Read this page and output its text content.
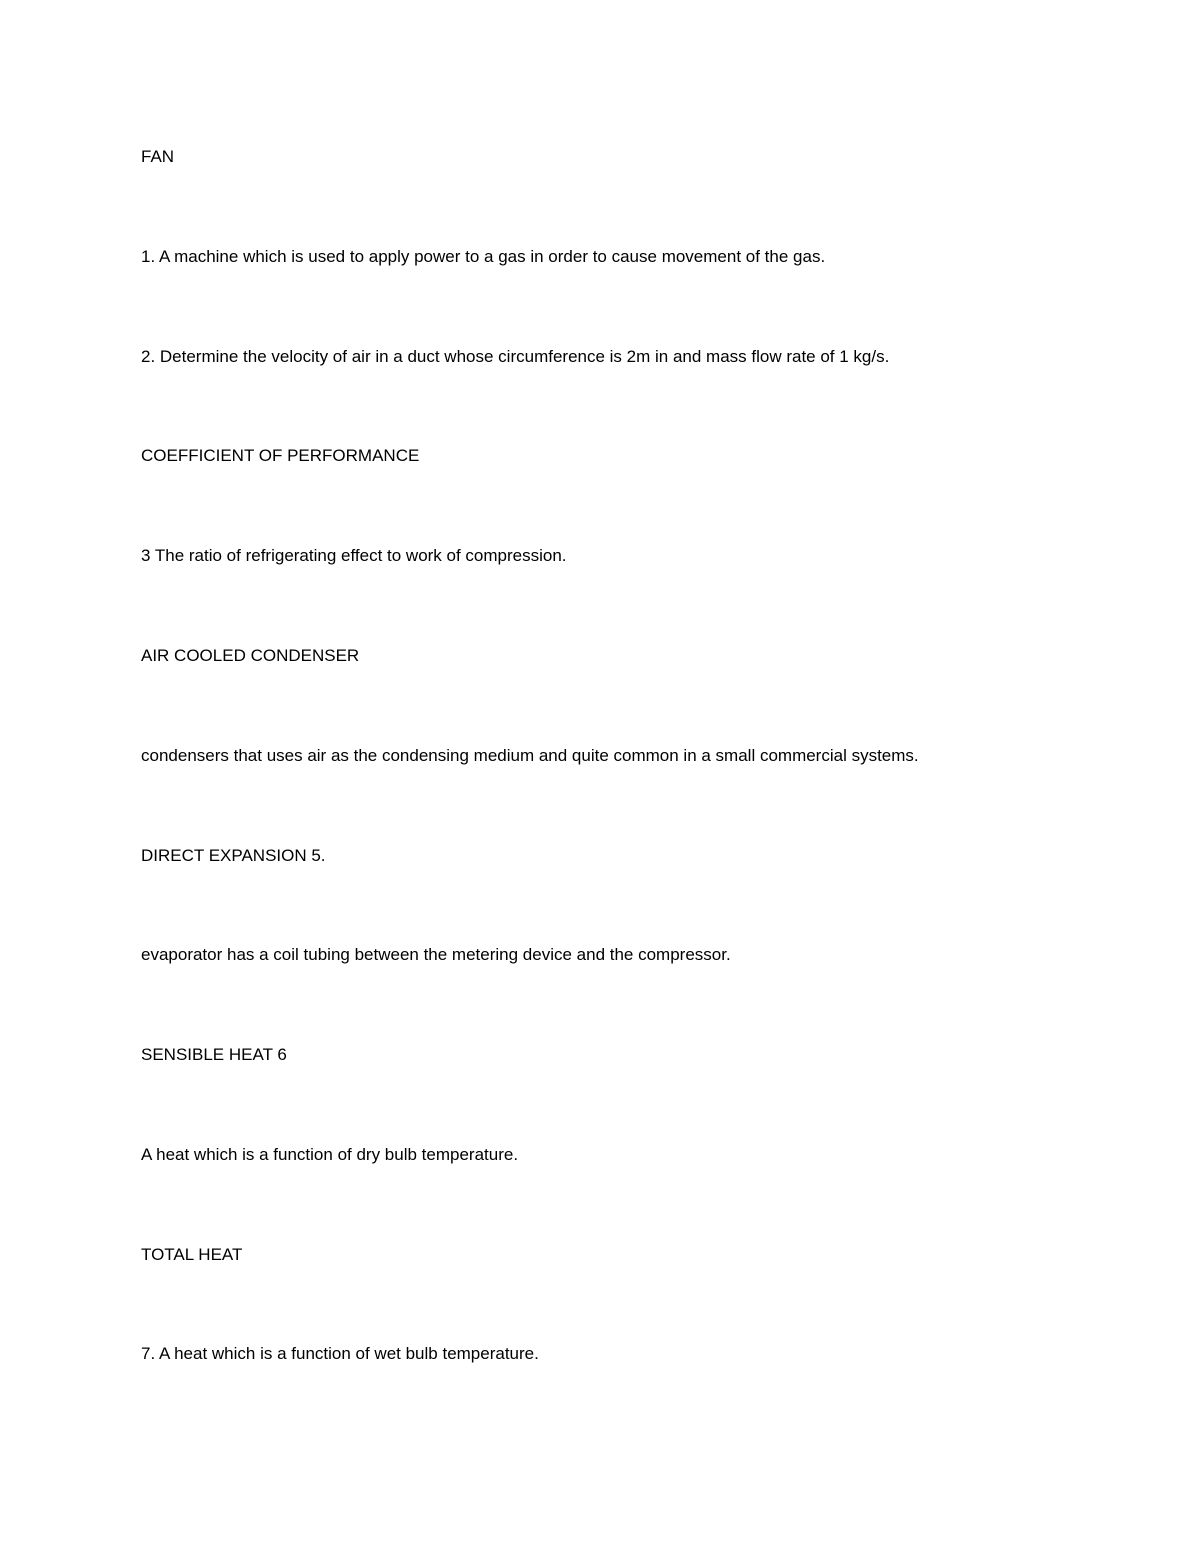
FAN

1. A machine which is used to apply power to a gas in order to cause movement of the gas.

2. Determine the velocity of air in a duct whose circumference is 2m in and mass flow rate of 1 kg/s.

COEFFICIENT OF PERFORMANCE

3 The ratio of refrigerating effect to work of compression.

AIR COOLED CONDENSER

condensers that uses air as the condensing medium and quite common in a small commercial systems.

DIRECT EXPANSION 5.

evaporator has a coil tubing between the metering device and the compressor.

SENSIBLE HEAT 6

A heat which is a function of dry bulb temperature.

TOTAL HEAT

7. A heat which is a function of wet bulb temperature.
